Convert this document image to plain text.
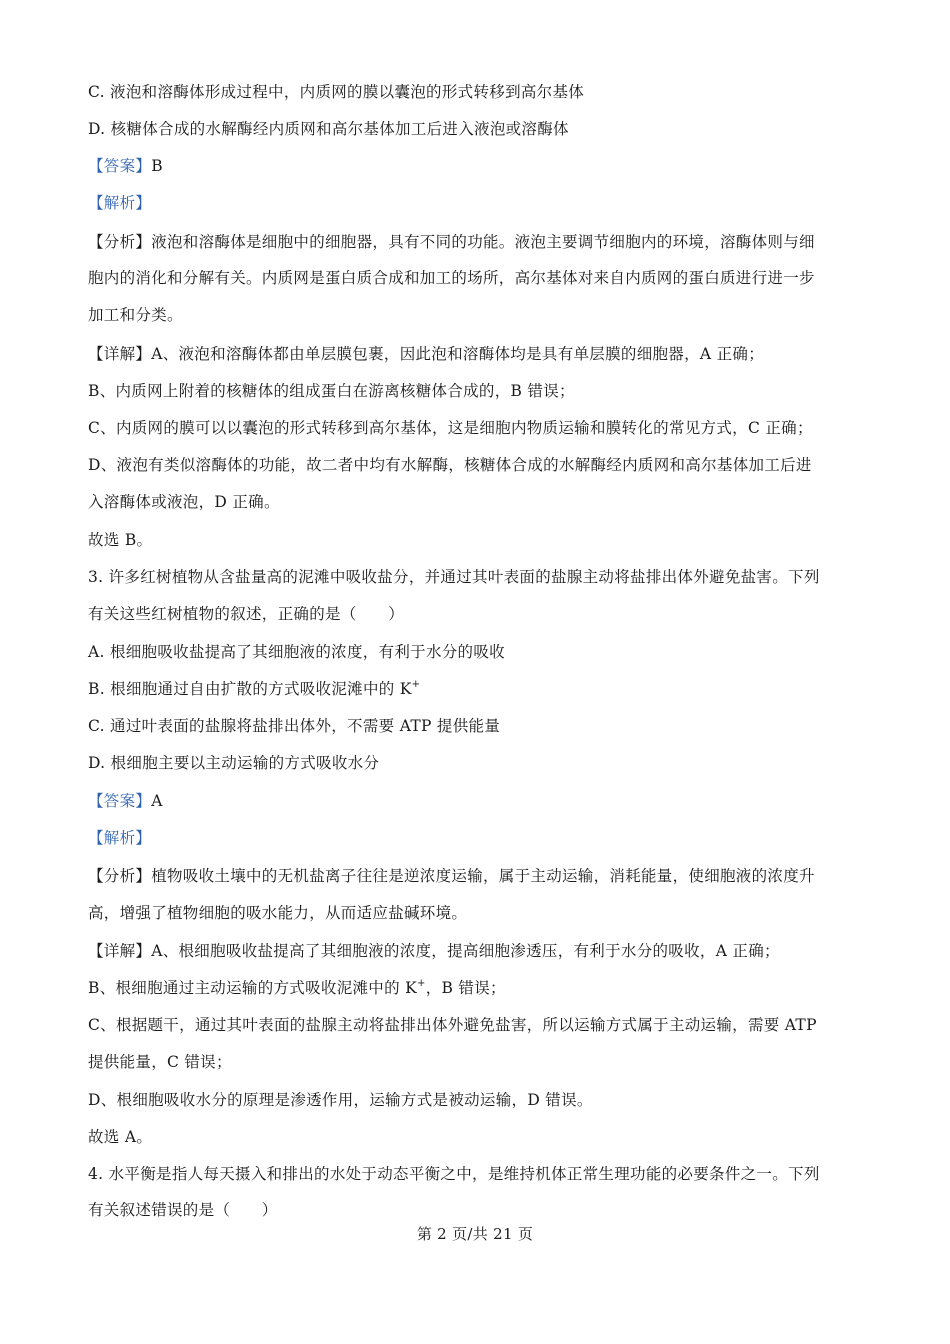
C. 液泡和溶酶体形成过程中，内质网的膜以囊泡的形式转移到高尔基体
D. 核糖体合成的水解酶经内质网和高尔基体加工后进入液泡或溶酶体
【答案】B
【解析】
【分析】液泡和溶酶体是细胞中的细胞器，具有不同的功能。液泡主要调节细胞内的环境，溶酶体则与细
胞内的消化和分解有关。内质网是蛋白质合成和加工的场所，高尔基体对来自内质网的蛋白质进行进一步
加工和分类。
【详解】A、液泡和溶酶体都由单层膜包裹，因此泡和溶酶体均是具有单层膜的细胞器，A 正确；
B、内质网上附着的核糖体的组成蛋白在游离核糖体合成的，B 错误；
C、内质网的膜可以以囊泡的形式转移到高尔基体，这是细胞内物质运输和膜转化的常见方式，C 正确；
D、液泡有类似溶酶体的功能，故二者中均有水解酶，核糖体合成的水解酶经内质网和高尔基体加工后进
入溶酶体或液泡，D 正确。
故选 B。
3. 许多红树植物从含盐量高的泥滩中吸收盐分，并通过其叶表面的盐腺主动将盐排出体外避免盐害。下列
有关这些红树植物的叙述，正确的是（　　）
A. 根细胞吸收盐提高了其细胞液的浓度，有利于水分的吸收
B. 根细胞通过自由扩散的方式吸收泥滩中的 K+
C. 通过叶表面的盐腺将盐排出体外，不需要 ATP 提供能量
D. 根细胞主要以主动运输的方式吸收水分
【答案】A
【解析】
【分析】植物吸收土壤中的无机盐离子往往是逆浓度运输，属于主动运输，消耗能量，使细胞液的浓度升
高，增强了植物细胞的吸水能力，从而适应盐碱环境。
【详解】A、根细胞吸收盐提高了其细胞液的浓度，提高细胞渗透压，有利于水分的吸收，A 正确；
B、根细胞通过主动运输的方式吸收泥滩中的 K+，B 错误；
C、根据题干，通过其叶表面的盐腺主动将盐排出体外避免盐害，所以运输方式属于主动运输，需要 ATP
提供能量，C 错误；
D、根细胞吸收水分的原理是渗透作用，运输方式是被动运输，D 错误。
故选 A。
4. 水平衡是指人每天摄入和排出的水处于动态平衡之中，是维持机体正常生理功能的必要条件之一。下列
有关叙述错误的是（　　）
第 2 页/共 21 页
